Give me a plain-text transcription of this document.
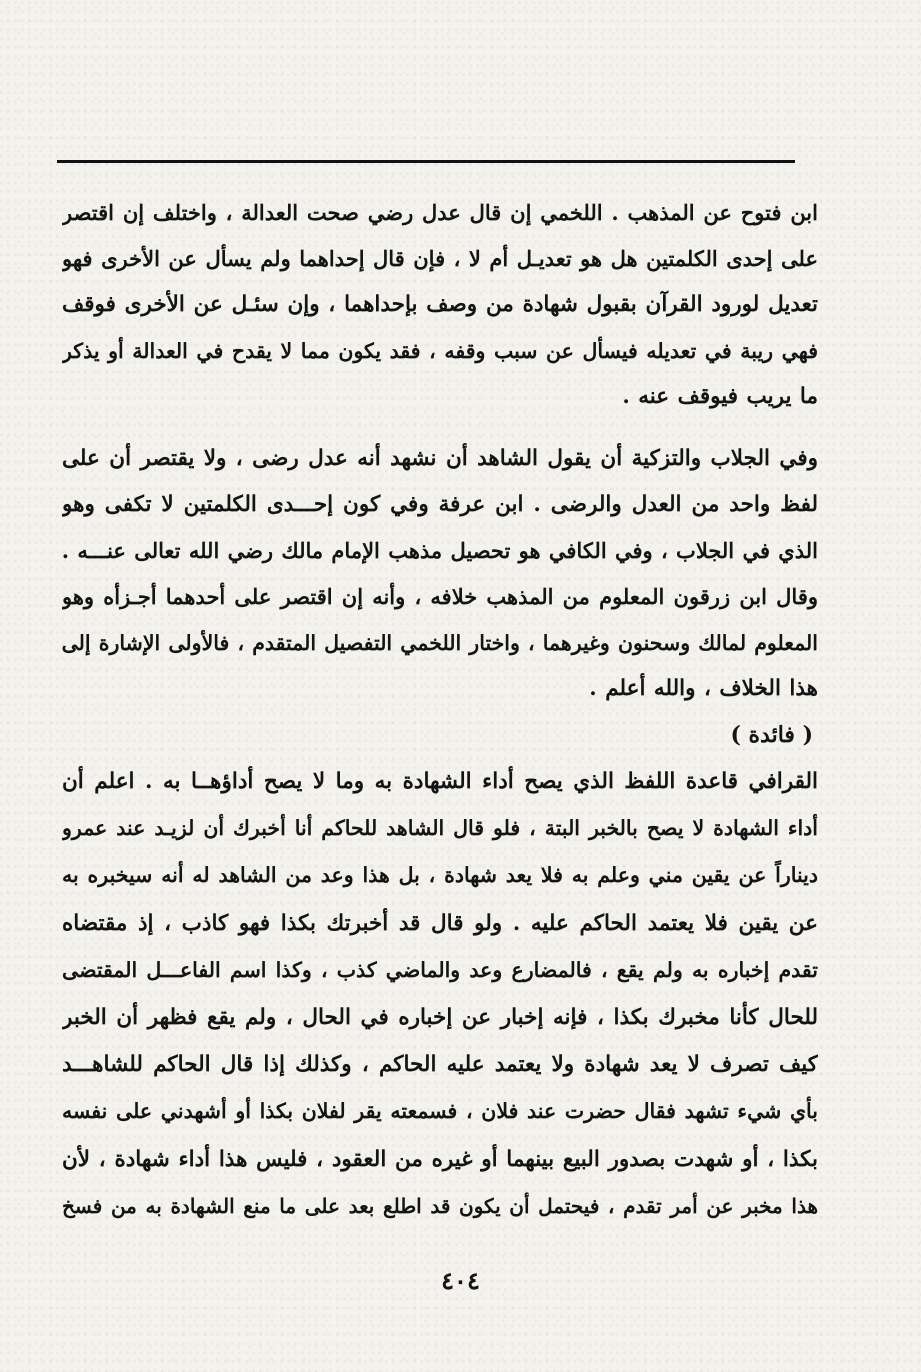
ابن فتوح عن المذهب . اللخمي إن قال عدل رضي صحت العدالة ، واختلف إن اقتصر
على إحدى الكلمتين هل هو تعديـل أم لا ، فإن قال إحداهما ولم يسأل عن الأخرى فهو
تعديل لورود القرآن بقبول شهادة من وصف بإحداهما ، وإن سئـل عن الأخرى فوقف
فهي ريبة في تعديله فيسأل عن سبب وقفه ، فقد يكون مما لا يقدح في العدالة أو يذكر
ما يريب فيوقف عنه .
وفي الجلاب والتزكية أن يقول الشاهد أن نشهد أنه عدل رضى ، ولا يقتصر أن على
لفظ واحد من العدل والرضى . ابن عرفة وفي كون إحـــدى الكلمتين لا تكفى وهو
الذي في الجلاب ، وفي الكافي هو تحصيل مذهب الإمام مالك رضي الله تعالى عنـــه .
وقال ابن زرقون المعلوم من المذهب خلافه ، وأنه إن اقتصر على أحدهما أجـزأه وهو
المعلوم لمالك وسحنون وغيرهما ، واختار اللخمي التفصيل المتقدم ، فالأولى الإشارة إلى
هذا الخلاف ، والله أعلم .
( فائدة )
القرافي قاعدة اللفظ الذي يصح أداء الشهادة به وما لا يصح أداؤهــا به . اعلم أن
أداء الشهادة لا يصح بالخبر البتة ، فلو قال الشاهد للحاكم أنا أخبرك أن لزيـد عند عمرو
ديناراً عن يقين مني وعلم به فلا يعد شهادة ، بل هذا وعد من الشاهد له أنه سيخبره به
عن يقين فلا يعتمد الحاكم عليه . ولو قال قد أخبرتك بكذا فهو كاذب ، إذ مقتضاه
تقدم إخباره به ولم يقع ، فالمضارع وعد والماضي كذب ، وكذا اسم الفاعـــل المقتضى
للحال كأنا مخبرك بكذا ، فإنه إخبار عن إخباره في الحال ، ولم يقع فظهر أن الخبر
كيف تصرف لا يعد شهادة ولا يعتمد عليه الحاكم ، وكذلك إذا قال الحاكم للشاهـــد
بأي شيء تشهد فقال حضرت عند فلان ، فسمعته يقر لفلان بكذا أو أشهدني على نفسه
بكذا ، أو شهدت بصدور البيع بينهما أو غيره من العقود ، فليس هذا أداء شهادة ، لأن
هذا مخبر عن أمر تقدم ، فيحتمل أن يكون قد اطلع بعد على ما منع الشهادة به من فسخ
٤٠٤
